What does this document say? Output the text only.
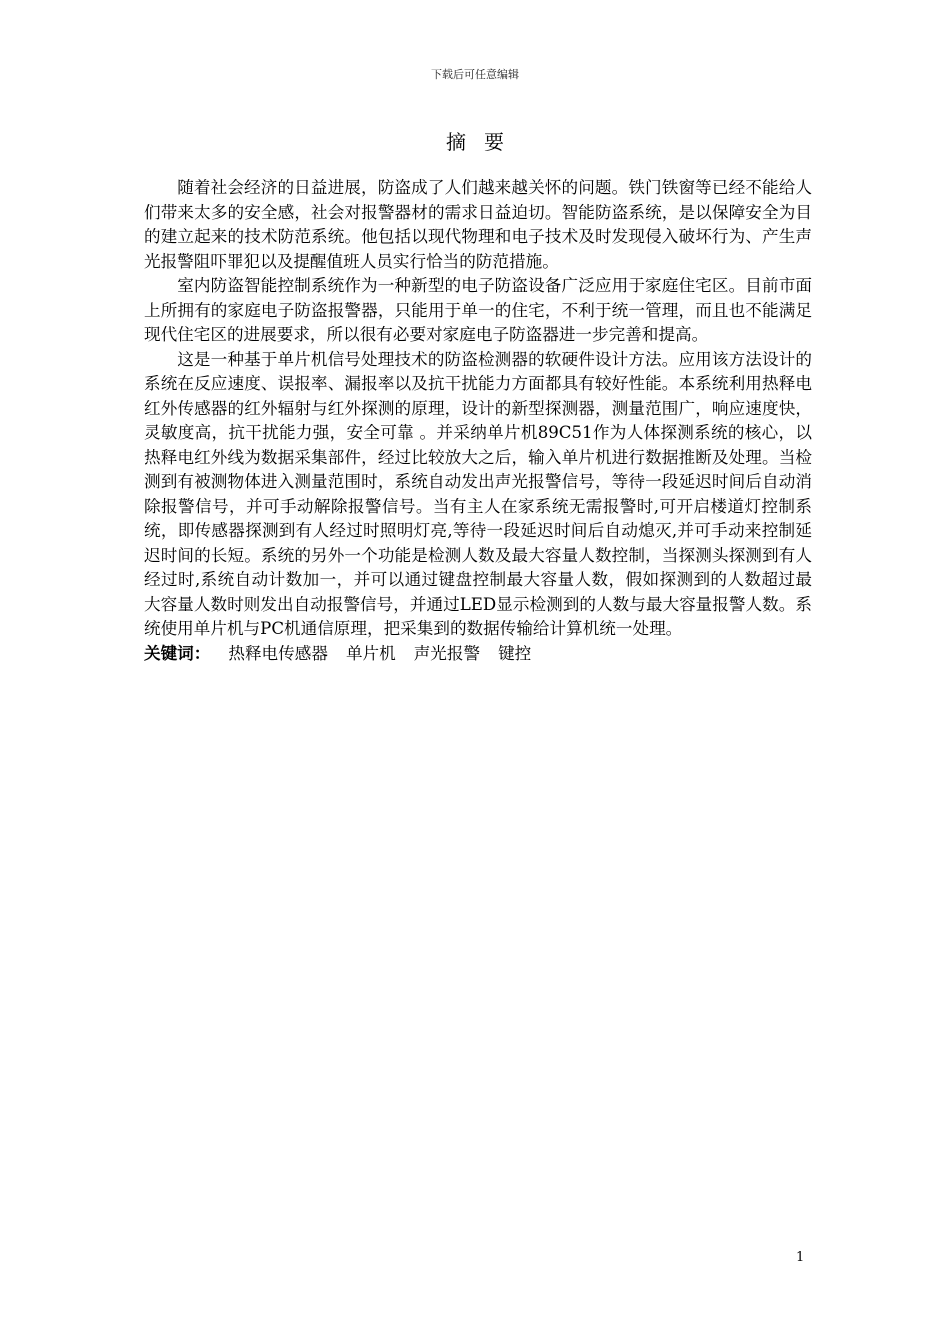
下载后可任意编辑
摘要

随着社会经济的日益进展，防盗成了人们越来越关怀的问题。铁门铁窗等已经不能给人们带来太多的安全感，社会对报警器材的需求日益迫切。智能防盗系统，是以保障安全为目的建立起来的技术防范系统。他包括以现代物理和电子技术及时发现侵入破坏行为、产生声光报警阻吓罪犯以及提醒值班人员实行恰当的防范措施。

室内防盗智能控制系统作为一种新型的电子防盗设备广泛应用于家庭住宅区。目前市面上所拥有的家庭电子防盗报警器，只能用于单一的住宅，不利于统一管理，而且也不能满足现代住宅区的进展要求，所以很有必要对家庭电子防盗器进一步完善和提高。

这是一种基于单片机信号处理技术的防盗检测器的软硬件设计方法。应用该方法设计的系统在反应速度、误报率、漏报率以及抗干扰能力方面都具有较好性能。本系统利用热释电红外传感器的红外辐射与红外探测的原理，设计的新型探测器，测量范围广，响应速度快，灵敏度高，抗干扰能力强，安全可靠 。并采纳单片机89C51作为人体探测系统的核心，以热释电红外线为数据采集部件，经过比较放大之后，输入单片机进行数据推断及处理。当检测到有被测物体进入测量范围时，系统自动发出声光报警信号，等待一段延迟时间后自动消除报警信号，并可手动解除报警信号。当有主人在家系统无需报警时,可开启楼道灯控制系统，即传感器探测到有人经过时照明灯亮,等待一段延迟时间后自动熄灭,并可手动来控制延迟时间的长短。系统的另外一个功能是检测人数及最大容量人数控制，当探测头探测到有人经过时,系统自动计数加一，并可以通过键盘控制最大容量人数，假如探测到的人数超过最大容量人数时则发出自动报警信号，并通过LED显示检测到的人数与最大容量报警人数。系统使用单片机与PC机通信原理，把采集到的数据传输给计算机统一处理。

关键词： 热释电传感器 单片机 声光报警 键控

1
